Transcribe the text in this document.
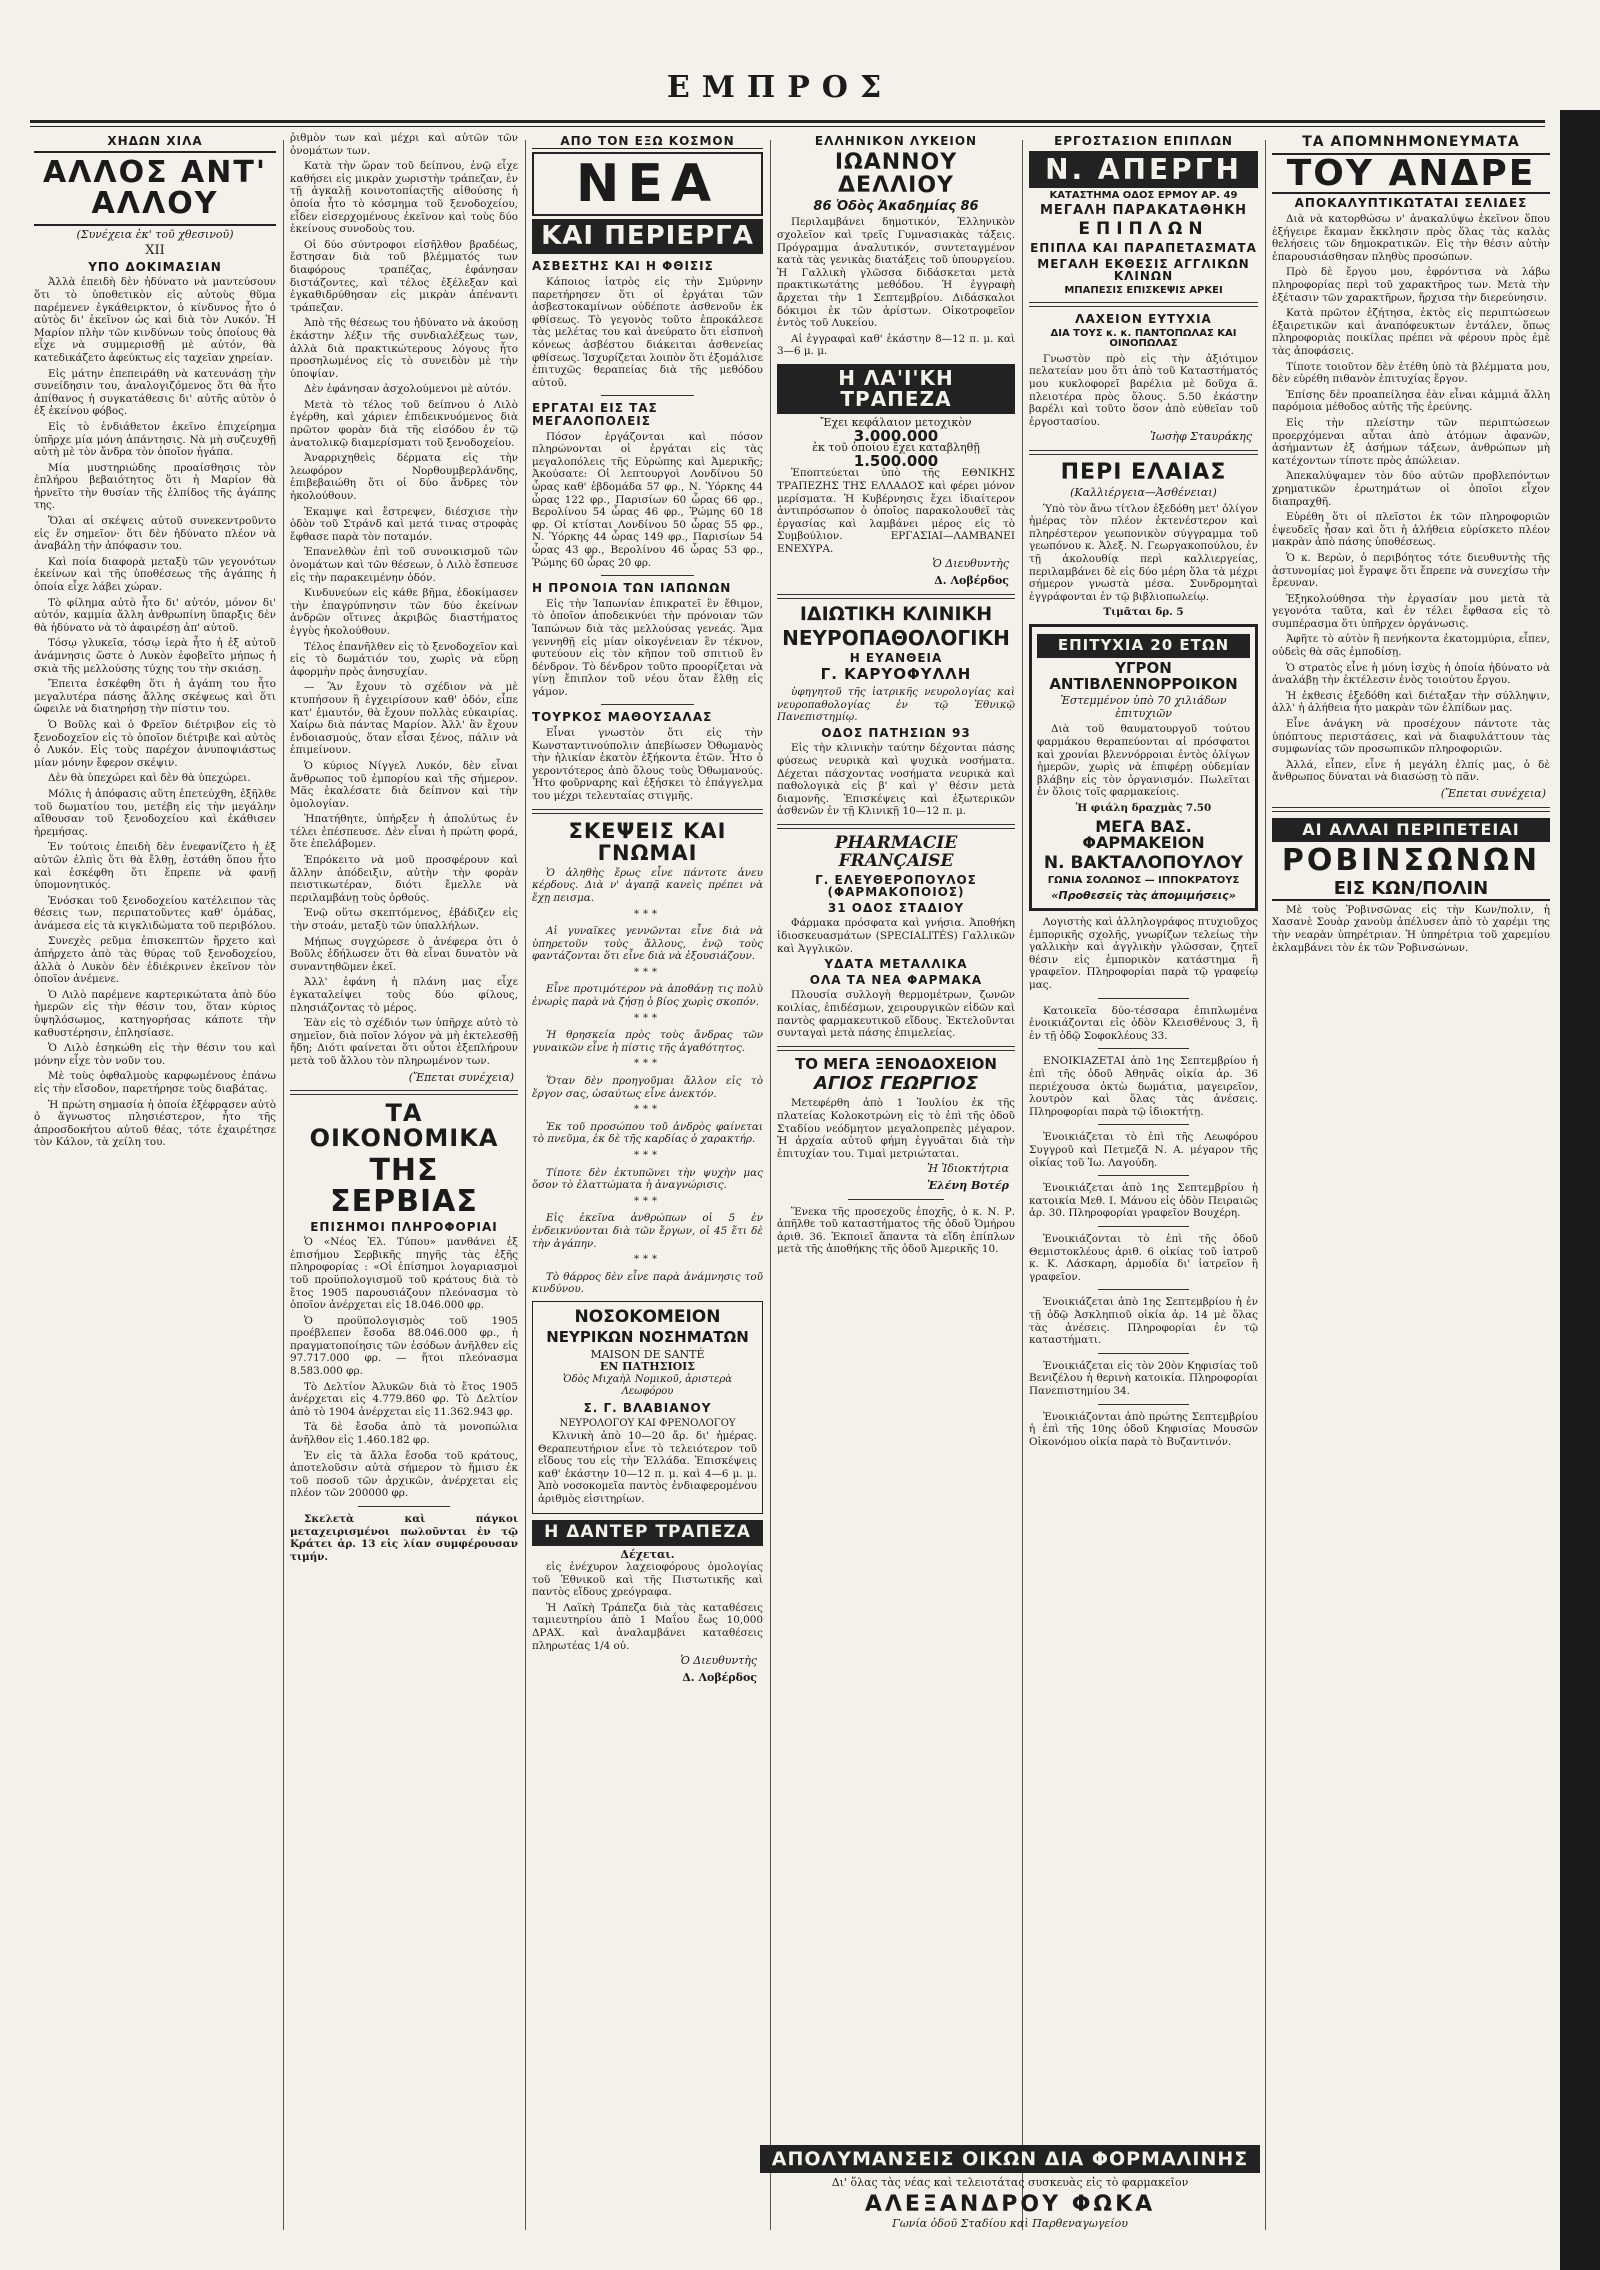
ΕΜΠΡΟΣ
ΧΗΔΩΝ ΧΙΛΑ
ΑΛΛΟΣ ΑΝΤ' ΑΛΛΟΥ
(Συνέχεια ἐκ' τοῦ χθεσινοῦ)
XII
ΥΠΟ ΔΟΚΙΜΑΣΙΑΝ

Ἀλλὰ ἐπειδὴ δὲν ἠδύνατο νὰ μαντεύσουν ὅτι τὸ ὑποθετικὸν εἰς αὐτοὺς θῦμα παρέμενεν ἐγκάθειρκτον, ὁ κίνδυνος ἦτο ὁ αὐτὸς δι' ἐκεῖνον ὡς καὶ διὰ τὸν Λυκόν. Ἡ Μαρίον πλὴν τῶν κινδύνων τοὺς ὁποίους θὰ εἶχε νὰ συμμερισθῇ μὲ αὐτόν, θὰ κατεδικάζετο ἀφεύκτως εἰς ταχεῖαν χηρείαν.

Εἰς μάτην ἐπεπειράθη νὰ κατευνάσῃ τὴν συνείδησιν του, ἀναλογιζόμενος ὅτι θὰ ἦτο ἀπίθανος ἡ συγκατάθεσις δι' αὐτῆς αὐτὸν ὁ ἐξ ἐκείνου φόβος.

Εἰς τὸ ἐνδιάθετον ἐκεῖνο ἐπιχείρημα ὑπῆρχε μία μόνη ἀπάντησις. Νὰ μὴ συζευχθῇ αὐτὴ μὲ τὸν ἄνδρα τὸν ὁποῖον ἠγάπα.

Μία μυστηριώδης προαίσθησις τὸν ἐπλήρου βεβαιότητος ὅτι ἡ Μαρίον θὰ ἠρνεῖτο τὴν θυσίαν τῆς ἐλπίδος τῆς ἀγάπης της.

Ὅλαι αἱ σκέψεις αὐτοῦ συνεκεντροῦντο εἰς ἕν σημεῖον· ὅτι δὲν ἠδύνατο πλέον νὰ ἀναβάλῃ τὴν ἀπόφασιν του.

Καὶ ποία διαφορὰ μεταξὺ τῶν γεγονότων ἐκείνων καὶ τῆς ὑποθέσεως τῆς ἀγάπης ἡ ὁποία εἶχε λάβει χώραν.

Τὸ φίλημα αὐτὸ ἦτο δι' αὐτόν, μόνον δι' αὐτόν, καμμία ἄλλη ἀνθρωπίνη ὕπαρξις δὲν θὰ ἠδύνατο νὰ τὸ ἀφαιρέσῃ ἀπ' αὐτοῦ.

Τόσῳ γλυκεῖα, τόσῳ ἱερὰ ἦτο ἡ ἐξ αὐτοῦ ἀνάμνησις ὥστε ὁ Λυκὸν ἐφοβεῖτο μήπως ἡ σκιὰ τῆς μελλούσης τύχης του τὴν σκιάσῃ.

Ἔπειτα ἐσκέφθη ὅτι ἡ ἀγάπη του ἦτο μεγαλυτέρα πάσης ἄλλης σκέψεως καὶ ὅτι ὤφειλε νὰ διατηρήσῃ τὴν πίστιν του.

Ὁ Βοῦλς καὶ ὁ Φρεῖον διέτριβον εἰς τὸ ξενοδοχεῖον εἰς τὸ ὁποῖον διέτριβε καὶ αὐτὸς ὁ Λυκόν. Εἰς τοὺς παρέχον ἀνυποψιάστως μίαν μόνην ἔφερον σκέψιν.

Δὲν θὰ ὑπεχώρει καὶ δὲν θὰ ὑπεχώρει.

Μόλις ἡ ἀπόφασις αὕτη ἐπετεύχθη, ἐξῆλθε τοῦ δωματίου του, μετέβη εἰς τὴν μεγάλην αἴθουσαν τοῦ ξενοδοχείου καὶ ἐκάθισεν ἠρεμήσας.

Ἐν τούτοις ἐπειδὴ δὲν ἐνεφανίζετο ἡ ἐξ αὐτῶν ἐλπὶς ὅτι θὰ ἔλθῃ, ἐστάθη ὅπου ἦτο καὶ ἐσκέφθη ὅτι ἔπρεπε νὰ φανῇ ὑπομονητικός.

Ἐνόσκαι τοῦ ξενοδοχείου κατέλειπον τὰς θέσεις των, περιπατοῦντες καθ' ὁμάδας, ἀνάμεσα εἰς τὰ κιγκλιδώματα τοῦ περιβόλου.

Συνεχὲς ρεῦμα ἐπισκεπτῶν ἤρχετο καὶ ἀπήρχετο ἀπὸ τὰς θύρας τοῦ ξενοδοχείου, ἀλλὰ ὁ Λυκὸν δὲν ἐδιέκρινεν ἐκεῖνον τὸν ὁποῖον ἀνέμενε.

Ὁ Λιλὸ παρέμενε καρτερικώτατα ἀπὸ δύο ἡμερῶν εἰς τὴν θέσιν του, ὅταν κύριος ὑψηλόσωμος, κατηγορήσας κάποτε τὴν καθυστέρησιν, ἐπλησίασε.

Ὁ Λιλὸ ἐσηκώθη εἰς τὴν θέσιν του καὶ μόνην εἶχε τὸν νοῦν του.

Μὲ τοὺς ὀφθαλμοὺς καρφωμένους ἐπάνω εἰς τὴν εἴσοδον, παρετήρησε τοὺς διαβάτας.

Ἡ πρώτη σημασία ἡ ὁποία ἐξέφρασεν αὐτὸ ὁ ἄγνωστος πλησιέστερον, ἦτο τῆς ἀπροσδοκήτου αὐτοῦ θέας, τότε ἐχαιρέτησε τὸν Κάλον, τὰ χείλη του.

ῥιθμὸν των καὶ μέχρι καὶ αὐτῶν τῶν ὀνομάτων των.

Κατὰ τὴν ὥραν τοῦ δείπνου, ἐνῷ εἶχε καθήσει εἰς μικρὰν χωριστὴν τράπεζαν, ἐν τῇ ἀγκαλῇ κοινοτοπίαςτῆς αἰθούσης ἡ ὁποία ἦτο τὸ κόσμημα τοῦ ξενοδοχείου, εἶδεν εἰσερχομένους ἐκεῖνον καὶ τοὺς δύο ἐκείνους συνοδοὺς του.

Οἱ δύο σύντροφοι εἰσῆλθον βραδέως, ἔστησαν διὰ τοῦ βλέμματός των διαφόρους τραπέζας, ἐφάνησαν διστάζοντες, καὶ τέλος ἐξέλεξαν καὶ ἐγκαθιδρύθησαν εἰς μικρὰν ἀπέναντι τράπεζαν.

Ἀπὸ τῆς θέσεως του ἠδύνατο νὰ ἀκούσῃ ἐκάστην λέξιν τῆς συνδιαλέξεως των, ἀλλὰ διὰ πρακτικώτερους λόγους ἦτο προσηλωμένος εἰς τὸ συνειδὸν μὲ τὴν ὑποψίαν.

Δὲν ἐφάνησαν ἀσχολούμενοι μὲ αὐτόν.

Μετὰ τὸ τέλος τοῦ δείπνου ὁ Λιλὸ ἐγέρθη, καὶ χάριεν ἐπιδεικνυόμενος διὰ πρῶτον φορὰν διὰ τῆς εἰσόδου ἐν τῷ ἀνατολικῷ διαμερίσματι τοῦ ξενοδοχείου.

Ἀναρριχηθεὶς δέρματα εἰς τὴν λεωφόρον Νορθουμβερλάνδης, ἐπιβεβαιώθη ὅτι οἱ δύο ἄνδρες τὸν ἠκολούθουν.

Ἐκαμψε καὶ ἔστρεψεν, διέσχισε τὴν ὁδὸν τοῦ Στράνδ καὶ μετά τινας στροφὰς ἔφθασε παρὰ τὸν ποταμόν.

Ἐπανελθὼν ἐπὶ τοῦ συνοικισμοῦ τῶν ὀνομάτων καὶ τῶν θέσεων, ὁ Λιλὸ ἔσπευσε εἰς τὴν παρακειμένην ὁδόν.

Κινδυνεύων εἰς κάθε βῆμα, ἐδοκίμασεν τὴν ἐπαγρύπνησιν τῶν δύο ἐκείνων ἀνδρῶν οἵτινες ἀκριβῶς διαστήματος ἐγγὺς ἠκολούθουν.

Τέλος ἐπανῆλθεν εἰς τὸ ξενοδοχεῖον καὶ εἰς τὸ δωμάτιόν του, χωρὶς νὰ εὕρῃ ἀφορμὴν πρὸς ἀνησυχίαν.

— Ἂν ἔχουν τὸ σχέδιον νὰ μὲ κτυπήσουν ἢ ἐγχειρίσουν καθ' ὁδόν, εἶπε κατ' ἐμαυτόν, θὰ ἔχουν πολλὰς εὐκαιρίας. Χαίρω διὰ πάντας Μαρίον. Ἀλλ' ἂν ἔχουν ἐνδοιασμούς, ὅταν εἶσαι ξένος, πάλιν νὰ ἐπιμείνουν.

Ὁ κύριος Νίγγελ Λυκόν, δὲν εἶναι ἄνθρωπος τοῦ ἐμπορίου καὶ τῆς σήμερον. Μᾶς ἐκαλέσατε διὰ δείπνον καὶ τὴν ὁμολογίαν.

Ἠπατήθητε, ὑπήρξεν ἡ ἀπολύτως ἐν τέλει ἐπέσπευσε. Δὲν εἶναι ἡ πρώτη φορά, ὅτε ἐπελάβομεν.

Ἐπρόκειτο νὰ μοῦ προσφέρουν καὶ ἄλλην ἀπόδειξιν, αὐτὴν τὴν φορὰν πειστικωτέραν, διότι ἔμελλε νὰ περιλαμβάνῃ τοὺς ὀρθούς.

Ἐνῷ οὕτω σκεπτόμενος, ἐβάδιζεν εἰς τὴν στοάν, μεταξὺ τῶν ὑπαλλήλων.

Μήπως συγχώρεσε ὁ ἀνέφερα ὁτι ὁ Βοῦλς ἐδήλωσεν ὅτι θὰ εἶναι δυνατὸν νὰ συναντηθῶμεν ἐκεῖ.

Ἀλλ' ἐφάνη ἡ πλάνη μας εἶχε ἐγκαταλείψει τοὺς δύο φίλους, πλησιάζοντας τὸ μέρος.

Ἐὰν εἰς τὸ σχέδιόν των ὑπῆρχε αὐτὸ τὸ σημεῖον, διὰ ποῖον λόγον νὰ μὴ ἐκτελεσθῇ ἤδη; Διότι φαίνεται ὅτι οὗτοι ἐξεπλήρουν μετὰ τοῦ ἄλλου τὸν πληρωμένον των.

(Ἔπεται συνέχεια)
ΤΑ ΟΙΚΟΝΟΜΙΚΑ
ΤΗΣ ΣΕΡΒΙΑΣ
ΕΠΙΣΗΜΟΙ ΠΛΗΡΟΦΟΡΙΑΙ

Ὁ «Νέος Ἑλ. Τύπου» μανθάνει ἐξ ἐπισήμου Σερβικῆς πηγῆς τὰς ἑξῆς πληροφορίας : «Οἱ ἐπίσημοι λογαριασμοὶ τοῦ προϋπολογισμοῦ τοῦ κράτους διὰ τὸ ἔτος 1905 παρουσιάζουν πλεόνασμα τὸ ὁποῖον ἀνέρχεται εἰς 18.046.000 φρ.

Ὁ προϋπολογισμὸς τοῦ 1905 προέβλεπεν ἔσοδα 88.046.000 φρ., ἡ πραγματοποίησις τῶν ἐσόδων ἀνῆλθεν εἰς 97.717.000 φρ. — ἤτοι πλεόνασμα 8.583.000 φρ.

Τὸ Δελτίον Ἀλυκῶν διὰ τὸ ἔτος 1905 ἀνέρχεται εἰς 4.779.860 φρ. Τὸ Δελτίον ἀπὸ τὸ 1904 ἀνέρχεται εἰς 11.362.943 φρ.

Τὰ δὲ ἔσοδα ἀπὸ τὰ μονοπώλια ἀνῆλθον εἰς 1.460.182 φρ.

Ἐν εἰς τὰ ἄλλα ἔσοδα τοῦ κράτους, ἀποτελοῦσιν αὐτὰ σήμερον τὸ ἥμισυ ἐκ τοῦ ποσοῦ τῶν ἀρχικῶν, ἀνέρχεται εἰς πλέον τῶν 200000 φρ.

Σκελετὰ καὶ πάγκοι μεταχειρισμένοι πωλοῦνται ἐν τῷ Κράτει ἀρ. 13 εἰς λίαν συμφέρουσαν τιμήν.

ΑΠΟ ΤΟΝ ΕΞΩ ΚΟΣΜΟΝ
ΝΕΑ
ΚΑΙ ΠΕΡΙΕΡΓΑ
ΑΣΒΕΣΤΗΣ ΚΑΙ Η ΦΘΙΣΙΣ

Κάποιος ἰατρὸς εἰς τὴν Σμύρνην παρετήρησεν ὅτι οἱ ἐργάται τῶν ἀσβεστοκαμίνων οὐδέποτε ἀσθενοῦν ἐκ φθίσεως. Τὸ γεγονὸς τοῦτο ἐπροκάλεσε τὰς μελέτας του καὶ ἀνεύρατο ὅτι εἰσπνοὴ κόνεως ἀσβέστου διάκειται ἀσθενείας φθίσεως. Ἰσχυρίζεται λοιπὸν ὅτι ἐξομάλισε ἐπιτυχῶς θεραπείας διὰ τῆς μεθόδου αὐτοῦ.

ΕΡΓΑΤΑΙ ΕΙΣ ΤΑΣ ΜΕΓΑΛΟΠΟΛΕΙΣ

Πόσον ἐργάζονται καὶ πόσον πληρώνονται οἱ ἐργάται εἰς τὰς μεγαλοπόλεις τῆς Εὐρώπης καὶ Ἀμερικῆς; Ἀκούσατε: Οἱ λεπτουργοὶ Λονδίνου 50 ὧρας καθ' ἑβδομάδα 57 φρ., Ν. Ὑόρκης 44 ὧρας 122 φρ., Παρισίων 60 ὧρας 66 φρ., Βερολίνου 54 ὧρας 46 φρ., Ῥώμης 60 18 φρ. Οἱ κτίσται Λονδίνου 50 ὧρας 55 φρ., Ν. Ὑόρκης 44 ὧρας 149 φρ., Παρισίων 54 ὧρας 43 φρ., Βερολίνου 46 ὧρας 53 φρ., Ῥώμης 60 ὧρας 20 φρ.

Η ΠΡΟΝΟΙΑ ΤΩΝ ΙΑΠΩΝΩΝ

Εἰς τὴν Ἰαπωνίαν ἐπικρατεῖ ἓν ἔθιμον, τὸ ὁποῖον ἀποδεικνύει τὴν πρόνοιαν τῶν Ἰαπώνων διὰ τὰς μελλούσας γενεάς. Ἅμα γεννηθῇ εἰς μίαν οἰκογένειαν ἓν τέκνον, φυτεύουν εἰς τὸν κῆπον τοῦ σπιτιοῦ ἓν δένδρον. Τὸ δένδρον τοῦτο προορίζεται νὰ γίνῃ ἔπιπλον τοῦ νέου ὅταν ἔλθῃ εἰς γάμον.

ΤΟΥΡΚΟΣ ΜΑΘΟΥΣΑΛΑΣ

Εἶναι γνωστὸν ὅτι εἰς τὴν Κωνσταντινούπολιν ἀπεβίωσεν Ὀθωμανὸς τὴν ἡλικίαν ἑκατὸν ἑξήκοντα ἐτῶν. Ἦτο ὁ γεροντότερος ἀπὸ ὅλους τοὺς Ὀθωμανούς. Ἦτο φοῦρναρης καὶ ἐξήσκει τὸ ἐπάγγελμα του μέχρι τελευταίας στιγμῆς.

ΣΚΕΨΕΙΣ ΚΑΙ ΓΝΩΜΑΙ

Ὁ ἀληθὴς ἔρως εἶνε πάντοτε ἀνευ κέρδους. Διὰ ν' ἀγαπᾷ κανεὶς πρέπει νὰ ἔχῃ πεισμα.

***

Αἱ γυναῖκες γεννῶνται εἶνε διὰ νὰ ὑπηρετοῦν τοὺς ἄλλους, ἐνῷ τοὺς φαντάζονται ὅτι εἶνε διὰ νὰ ἐξουσιάζουν.

***

Εἶνε προτιμότερον νὰ ἀποθάνῃ τις πολὺ ἐνωρὶς παρὰ νὰ ζήσῃ ὁ βίος χωρὶς σκοπόν.

***

Ἡ θρησκεία πρὸς τοὺς ἄνδρας τῶν γυναικῶν εἶνε ἡ πίστις τῆς ἀγαθότητος.

***

Ὅταν δὲν προηγοῦμαι ἄλλον εἰς τὸ ἔργον σας, ὡσαύτως εἶνε ἀνεκτόν.

***

Ἐκ τοῦ προσώπου τοῦ ἀνδρὸς φαίνεται τὸ πνεῦμα, ἐκ δὲ τῆς καρδίας ὁ χαρακτήρ.

***

Τίποτε δὲν ἐκτυπῶνει τὴν ψυχὴν μας ὅσον τὸ ἐλαττώματα ἡ ἀναγνώρισις.

***

Εἰς ἐκεῖνα ἀνθρώπων οἱ 5 ἐν ἐνδεικνύονται διὰ τῶν ἔργων, οἱ 45 ἔτι δὲ τὴν ἀγάπην.

***

Τὸ θάρρος δὲν εἶνε παρὰ ἀνάμνησις τοῦ κινδύνου.

ΝΟΣΟΚΟΜΕΙΟΝ
ΝΕΥΡΙΚΩΝ ΝΟΣΗΜΑΤΩΝ
MAISON DE SANTÉ
ΕΝ ΠΑΤΗΣΙΟΙΣ
Ὁδὸς Μιχαὴλ Νομικοῦ, ἀριστερὰ Λεωφόρου
Σ. Γ. ΒΛΑΒΙΑΝΟΥ
ΝΕΥΡΟΛΟΓΟΥ ΚΑΙ ΦΡΕΝΟΛΟΓΟΥ

Κλινικὴ ἀπὸ 10—20 ἄρ. δι' ἡμέρας. Θεραπευτήριον εἶνε τὸ τελειότερον τοῦ εἴδους του εἰς τὴν Ἑλλάδα. Ἐπισκέψεις καθ' ἑκάστην 10—12 π. μ. καὶ 4—6 μ. μ. Ἀπὸ νοσοκομεῖα παντὸς ἐνδιαφερομένου ἀριθμὸς εἰσιτηρίων.

Η ΔΑΝΤΕΡ ΤΡΑΠΕΖΑ
Δέχεται.

εἰς ἐνέχυρον λαχειοφόρους ὁμολογίας τοῦ Ἐθνικοῦ καὶ τῆς Πιστωτικῆς καὶ παντὸς εἴδους χρεόγραφα.

Ἡ Λαϊκὴ Τράπεζα διὰ τὰς καταθέσεις ταμιευτηρίου ἀπὸ 1 Μαΐου ἔως 10,000 ΔΡΑΧ. καὶ ἀναλαμβάνει καταθέσεις πληρωτέας 1/4 οὐ.

Ὁ Διευθυντὴς
Δ. Λοβέρδος
ΕΛΛΗΝΙΚΟΝ ΛΥΚΕΙΟΝ
ΙΩΑΝΝΟΥ ΔΕΛΛΙΟΥ
86 Ὁδὸς Ἀκαδημίας 86

Περιλαμβάνει δημοτικόν, Ἑλληνικὸν σχολεῖον καὶ τρεῖς Γυμνασιακὰς τάξεις. Πρόγραμμα ἀναλυτικόν, συντεταγμένον κατὰ τὰς γενικὰς διατάξεις τοῦ ὑπουργείου. Ἡ Γαλλικὴ γλῶσσα διδάσκεται μετὰ πρακτικωτάτης μεθόδου. Ἡ ἐγγραφὴ ἄρχεται τὴν 1 Σεπτεμβρίου. Διδάσκαλοι δόκιμοι ἐκ τῶν ἀρίστων. Οἰκοτροφεῖον ἐντὸς τοῦ Λυκείου.

Αἱ ἐγγραφαὶ καθ' ἑκάστην 8—12 π. μ. καὶ 3—6 μ. μ.

Η ΛΑ'Ι'ΚΗ ΤΡΑΠΕΖΑ
Ἔχει κεφάλαιον μετοχικὸν
3.000.000
ἐκ τοῦ ὁποίου ἔχει καταβληθῇ
1.500.000

Ἐποπτεύεται ὑπὸ τῆς ΕΘΝΙΚΗΣ ΤΡΑΠΕΖΗΣ ΤΗΣ ΕΛΛΑΔΟΣ καὶ φέρει μόνον μερίσματα. Ἡ Κυβέρνησις ἔχει ἰδιαίτερον ἀντιπρόσωπον ὁ ὁποῖος παρακολουθεῖ τὰς ἐργασίας καὶ λαμβάνει μέρος εἰς τὸ Συμβούλιον. ΕΡΓΑΣΙΑΙ—ΛΑΜΒΑΝΕΙ ΕΝΕΧΥΡΑ.

Ὁ Διευθυντὴς
Δ. Λοβέρδος
ΙΔΙΩΤΙΚΗ ΚΛΙΝΙΚΗ
ΝΕΥΡΟΠΑΘΟΛΟΓΙΚΗ
Η ΕΥΑΝΘΕΙΑ
Γ. ΚΑΡΥΟΦΥΛΛΗ

ὑφηγητοῦ τῆς ἰατρικῆς νευρολογίας καὶ νευροπαθολογίας ἐν τῷ Ἐθνικῷ Πανεπιστημίῳ.

ΟΔΟΣ ΠΑΤΗΣΙΩΝ 93

Εἰς τὴν κλινικὴν ταύτην δέχονται πάσης φύσεως νευρικὰ καὶ ψυχικὰ νοσήματα. Δέχεται πάσχοντας νοσήματα νευρικὰ καὶ παθολογικὰ εἰς β' καὶ γ' θέσιν μετὰ διαμονῆς. Ἐπισκέψεις καὶ ἐξωτερικῶν ἀσθενῶν ἐν τῇ Κλινικῇ 10—12 π. μ.

PHARMACIE FRANÇAISE
Γ. ΕΛΕΥΘΕΡΟΠΟΥΛΟΣ (ΦΑΡΜΑΚΟΠΟΙΟΣ)
31 ΟΔΟΣ ΣΤΑΔΙΟΥ

Φάρμακα πρόσφατα καὶ γνήσια. Ἀποθήκη ἰδιοσκευασμάτων (SPECIALITÉS) Γαλλικῶν καὶ Ἀγγλικῶν.

ΥΔΑΤΑ ΜΕΤΑΛΛΙΚΑ
ΟΛΑ ΤΑ ΝΕΑ ΦΑΡΜΑΚΑ

Πλουσία συλλογὴ θερμομέτρων, ζωνῶν κοιλίας, ἐπιδέσμων, χειρουργικῶν εἰδῶν καὶ παντὸς φαρμακευτικοῦ εἴδους. Ἐκτελοῦνται συνταγαὶ μετὰ πάσης ἐπιμελείας.

ΤΟ ΜΕΓΑ ΞΕΝΟΔΟΧΕΙΟΝ
ΑΓΙΟΣ ΓΕΩΡΓΙΟΣ

Μετεφέρθη ἀπὸ 1 Ἰουλίου ἐκ τῆς πλατείας Κολοκοτρώνη εἰς τὸ ἐπὶ τῆς ὁδοῦ Σταδίου νεόδμητον μεγαλοπρεπὲς μέγαρον. Ἡ ἀρχαία αὐτοῦ φήμη ἐγγυᾶται διὰ τὴν ἐπιτυχίαν του. Τιμαὶ μετριώταται.

Ἡ Ἰδιοκτήτρια
Ἑλένη Βοτέρ

Ἕνεκα τῆς προσεχοῦς ἐποχῆς, ὁ κ. Ν. Ρ. ἀπῆλθε τοῦ καταστήματος τῆς ὁδοῦ Ὁμήρου ἀριθ. 36. Ἐκποιεῖ ἅπαντα τὰ εἴδη ἐπίπλων μετὰ τῆς ἀποθήκης τῆς ὁδοῦ Ἀμερικῆς 10.

ΕΡΓΟΣΤΑΣΙΟΝ ΕΠΙΠΛΩΝ
Ν. ΑΠΕΡΓΗ
ΚΑΤΑΣΤΗΜΑ ΟΔΟΣ ΕΡΜΟΥ ΑΡ. 49
ΜΕΓΑΛΗ ΠΑΡΑΚΑΤΑΘΗΚΗ
ΕΠΙΠΛΩΝ
ΕΠΙΠΛΑ ΚΑΙ ΠΑΡΑΠΕΤΑΣΜΑΤΑ
ΜΕΓΑΛΗ ΕΚΘΕΣΙΣ ΑΓΓΛΙΚΩΝ ΚΛΙΝΩΝ
ΜΠΑΠΕΣΙΣ ΕΠΙΣΚΕΨΙΣ ΑΡΚΕΙ
ΛΑΧΕΙΟΝ ΕΥΤΥΧΙΑ
ΔΙΑ ΤΟΥΣ κ. κ. ΠΑΝΤΟΠΩΛΑΣ ΚΑΙ ΟΙΝΟΠΩΛΑΣ

Γνωστὸν πρὸ εἰς τὴν ἀξιότιμον πελατείαν μου ὅτι ἀπὸ τοῦ Καταστήματός μου κυκλοφορεῖ βαρέλια μὲ δοῦχα ᾶ. πλειοτέρα πρὸς ὅλους. 5.50 ἐκάστην βαρέλι καὶ τοῦτο ὅσον ἀπὸ εὐθεῖαν τοῦ ἐργοστασίου.

Ἰωσὴφ Σταυράκης
ΠΕΡΙ ΕΛΑΙΑΣ
(Καλλιέργεια—Ἀσθένειαι)

Ὑπὸ τὸν ἄνω τίτλον ἐξεδόθη μετ' ὀλίγον ἡμέρας τὸν πλέον ἐκτενέστερον καὶ πληρέστερον γεωπονικὸν σύγγραμμα τοῦ γεωπόνου κ. Ἀλεξ. Ν. Γεωργακοπούλου, ἐν τῇ ἀκολουθίᾳ περὶ καλλιεργείας, περιλαμβάνει δὲ εἰς δύο μέρη ὅλα τὰ μέχρι σήμερον γνωστὰ μέσα. Συνδρομηταὶ ἐγγράφονται ἐν τῷ βιβλιοπωλείῳ.

Τιμᾶται δρ. 5
ΕΠΙΤΥΧΙΑ 20 ΕΤΩΝ
ΥΓΡΟΝ ΑΝΤΙΒΛΕΝΝΟΡΡΟΙΚΟΝ
Ἐστεμμένον ὑπὸ 70 χιλιάδων ἐπιτυχιῶν

Διὰ τοῦ θαυματουργοῦ τούτου φαρμάκου θεραπεύονται αἱ πρόσφατοι καὶ χρονίαι βλεννόρροιαι ἐντὸς ὀλίγων ἡμερῶν, χωρὶς νὰ ἐπιφέρῃ οὐδεμίαν βλάβην εἰς τὸν ὀργανισμόν. Πωλεῖται ἐν ὅλοις τοῖς φαρμακείοις.

Ἡ φιάλη δραχμὰς 7.50
ΜΕΓΑ ΒΑΣ. ΦΑΡΜΑΚΕΙΟΝ
Ν. ΒΑΚΤΑΛΟΠΟΥΛΟΥ
ΓΩΝΙΑ ΣΟΛΩΝΟΣ — ΙΠΠΟΚΡΑΤΟΥΣ
«Προθεσεῖς τὰς ἀπομιμήσεις»

Λογιστὴς καὶ ἀλληλογράφος πτυχιοῦχος ἐμπορικῆς σχολῆς, γνωρίζων τελείως τὴν γαλλικὴν καὶ ἀγγλικὴν γλῶσσαν, ζητεῖ θέσιν εἰς ἐμπορικὸν κατάστημα ἢ γραφεῖον. Πληροφορίαι παρὰ τῷ γραφείῳ μας.

Κατοικεῖα δύο-τέσσαρα ἐπιπλωμένα ἐνοικιάζονται εἰς ὁδὸν Κλεισθένους 3, ἢ ἐν τῇ ὁδῷ Σοφοκλέους 33.

ΕΝΟΙΚΙΑΖΕΤΑΙ ἀπὸ 1ης Σεπτεμβρίου ἡ ἐπὶ τῆς ὁδοῦ Ἀθηνᾶς οἰκία ἀρ. 36 περιέχουσα ὀκτὼ δωμάτια, μαγειρεῖον, λουτρὸν καὶ ὅλας τὰς ἀνέσεις. Πληροφορίαι παρὰ τῷ ἰδιοκτήτῃ.

Ἐνοικιάζεται τὸ ἐπὶ τῆς Λεωφόρου Συγγροῦ καὶ Πετμεζᾶ Ν. Α. μέγαρον τῆς οἰκίας τοῦ Ἰω. Λαγούδη.

Ἐνοικιάζεται ἀπὸ 1ης Σεπτεμβρίου ἡ κατοικία Μεθ. Ι. Μάνου εἰς ὁδὸν Πειραιῶς ἀρ. 30. Πληροφορίαι γραφεῖον Βουχέρη.

Ἐνοικιάζονται τὸ ἐπὶ τῆς ὁδοῦ Θεμιστοκλέους ἀριθ. 6 οἰκίας τοῦ ἰατροῦ κ. Κ. Λάσκαρη, ἁρμοδία δι' ἰατρεῖον ἢ γραφεῖον.

Ἐνοικιάζεται ἀπὸ 1ης Σεπτεμβρίου ἡ ἐν τῇ ὁδῷ Ἀσκληπιοῦ οἰκία ἀρ. 14 μὲ ὅλας τὰς ἀνέσεις. Πληροφορίαι ἐν τῷ καταστήματι.

Ἐνοικιάζεται εἰς τὸν 20ὸν Κηφισίας τοῦ Βενιζέλου ἡ θερινὴ κατοικία. Πληροφορίαι Πανεπιστημίου 34.

Ἐνοικιάζονται ἀπὸ πρώτης Σεπτεμβρίου ἡ ἐπὶ τῆς 10ης ὁδοῦ Κηφισίας Μουσῶν Οἰκονόμου οἰκία παρὰ τὸ Βυζαντινόν.

ΤΑ ΑΠΟΜΝΗΜΟΝΕΥΜΑΤΑ
ΤΟΥ ΑΝΔΡΕ
ΑΠΟΚΑΛΥΠΤΙΚΩΤΑΤΑΙ ΣΕΛΙΔΕΣ

Διὰ νὰ κατορθώσω ν' ἀνακαλύψω ἐκεῖνον ὅπου ἐξήγειρε ἔκαμαν ἔκκλησιν πρὸς ὅλας τὰς καλὰς θελήσεις τῶν δημοκρατικῶν. Εἰς τὴν θέσιν αὐτὴν ἐπαρουσιάσθησαν πληθὺς προσώπων.

Πρὸ δὲ ἔργου μου, ἐφρόντισα νὰ λάβω πληροφορίας περὶ τοῦ χαρακτῆρος των. Μετὰ τὴν ἐξέτασιν τῶν χαρακτῆρων, ἤρχισα τὴν διερεύνησιν.

Κατὰ πρῶτον ἐζήτησα, ἐκτὸς εἰς περιπτώσεων ἐξαιρετικῶν καὶ ἀναπόφευκτων ἐντάλεν, ὅπως πληροφοριὰς ποικίλας πρέπει νὰ φέρουν πρὸς ἐμὲ τὰς ἀποφάσεις.

Τίποτε τοιοῦτον δὲν ἐτέθη ὑπὸ τὰ βλέμματα μου, δὲν εὑρέθη πιθανὸν ἐπιτυχίας ἔργον.

Ἐπίσης δὲν προαπείλησα ἐὰν εἶναι κἀμμιά ἄλλη παρόμοια μέθοδος αὐτῆς τῆς ἐρεύνης.

Εἰς τὴν πλείστην τῶν περιπτώσεων προερχόμεναι αὗται ἀπὸ ἀτόμων ἀφανῶν, ἀσήμαντων ἐξ ἀσήμων τάξεων, ἀνθρώπων μὴ κατέχοντων τίποτε πρὸς ἀπώλειαν.

Ἀπεκαλύψαμεν τὸν δύο αὐτῶν προβλεπόντων χρηματικῶν ἐρωτημάτων οἱ ὁποῖοι εἶχον διαπραχθῆ.

Εὑρέθη ὅτι οἱ πλεῖστοι ἐκ τῶν πληροφοριῶν ἐψευδεῖς ἦσαν καὶ ὅτι ἡ ἀλήθεια εὑρίσκετο πλέον μακρὰν ἀπὸ πάσης ὑποθέσεως.

Ὁ κ. Βερὼν, ὁ περιβόητος τότε διευθυντὴς τῆς ἀστυνομίας μοὶ ἔγραψε ὅτι ἔπρεπε νὰ συνεχίσω τὴν ἔρευναν.

Ἐξηκολούθησα τὴν ἐργασίαν μου μετὰ τὰ γεγονότα ταῦτα, καὶ ἐν τέλει ἔφθασα εἰς τὸ συμπέρασμα ὅτι ὑπῆρχεν ὁργάνωσις.

Ἀφῆτε τὸ αὐτὸν ἢ πενήκοντα ἐκατομμύρια, εἶπεν, οὐδεὶς θὰ σᾶς ἐμποδίσῃ.

Ὁ στρατὸς εἶνε ἡ μόνη ἰσχὺς ἡ ὁποία ἠδύνατο νὰ ἀναλάβῃ τὴν ἐκτέλεσιν ἐνὸς τοιούτου ἔργου.

Ἡ ἐκθεσις ἐξεδόθη καὶ διέταξαν τὴν σύλληψιν, ἀλλ' ἡ ἀλήθεια ἦτο μακρὰν τῶν ἐλπίδων μας.

Εἶνε ἀνάγκη νὰ προσέχουν πάντοτε τὰς ὑπόπτους περιστάσεις, καὶ νὰ διαφυλάττουν τὰς συμφωνίας τῶν προσωπικῶν πληροφοριῶν.

Ἀλλά, εἶπεν, εἶνε ἡ μεγάλη ἐλπίς μας, ὁ δὲ ἄνθρωπος δύναται νὰ διασώσῃ τὸ πᾶν.

(Ἔπεται συνέχεια)
ΑΙ ΑΛΛΑΙ ΠΕΡΙΠΕΤΕΙΑΙ
ΡΟΒΙΝΣΩΝΩΝ
ΕΙΣ ΚΩΝ/ΠΟΛΙΝ

Μὲ τοὺς Ῥοβινσῶνας εἰς τὴν Κων/πολιν, ἡ Χασανὲ Σουὰρ χανοὺμ ἀπέλυσεν ἀπὸ τὸ χαρέμι της τὴν νεαρὰν ὑπηρέτριαν. Ἡ ὑπηρέτρια τοῦ χαρεμίου ἐκλαμβάνει τὸν ἐκ τῶν Ῥοβινσώνων.

ΑΠΟΛΥΜΑΝΣΕΙΣ ΟΙΚΩΝ ΔΙΑ ΦΟΡΜΑΛΙΝΗΣ
Δι' ὅλας τὰς νέας καὶ τελειοτάτας συσκευὰς εἰς τὸ φαρμακεῖον
ΑΛΕΞΑΝΔΡΟΥ ΦΩΚΑ
Γωνία ὁδοῦ Σταδίου καὶ Παρθεναγωγείου
